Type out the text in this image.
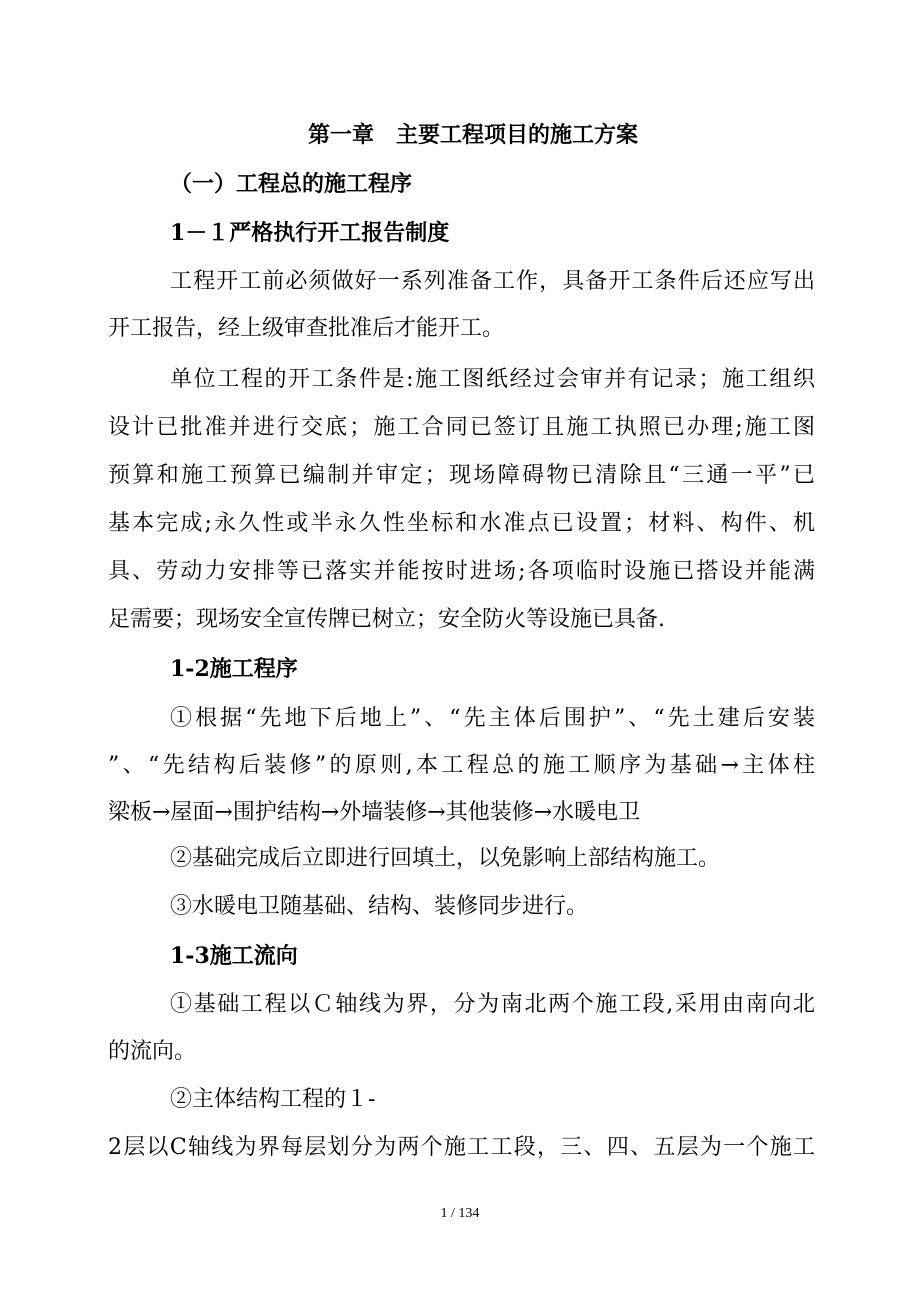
第一章　主要工程项目的施工方案
（一）工程总的施工程序
1－１严格执行开工报告制度
工程开工前必须做好一系列准备工作，具备开工条件后还应写出
开工报告，经上级审查批准后才能开工。
单位工程的开工条件是:施工图纸经过会审并有记录；施工组织
设计已批准并进行交底；施工合同已签订且施工执照已办理;施工图
预算和施工预算已编制并审定；现场障碍物已清除且“三通一平”已
基本完成;永久性或半永久性坐标和水准点已设置；材料、构件、机
具、劳动力安排等已落实并能按时进场;各项临时设施已搭设并能满
足需要；现场安全宣传牌已树立；安全防火等设施已具备.
1-2施工程序
①根据“先地下后地上”、“先主体后围护”、“先土建后安装
”、“先结构后装修”的原则,本工程总的施工顺序为基础→主体柱
梁板→屋面→围护结构→外墙装修→其他装修→水暖电卫
②基础完成后立即进行回填土，以免影响上部结构施工。
③水暖电卫随基础、结构、装修同步进行。
1-3施工流向
①基础工程以Ｃ轴线为界，分为南北两个施工段,采用由南向北
的流向。
②主体结构工程的１-
2层以C轴线为界每层划分为两个施工工段，三、四、五层为一个施工
1 / 134
